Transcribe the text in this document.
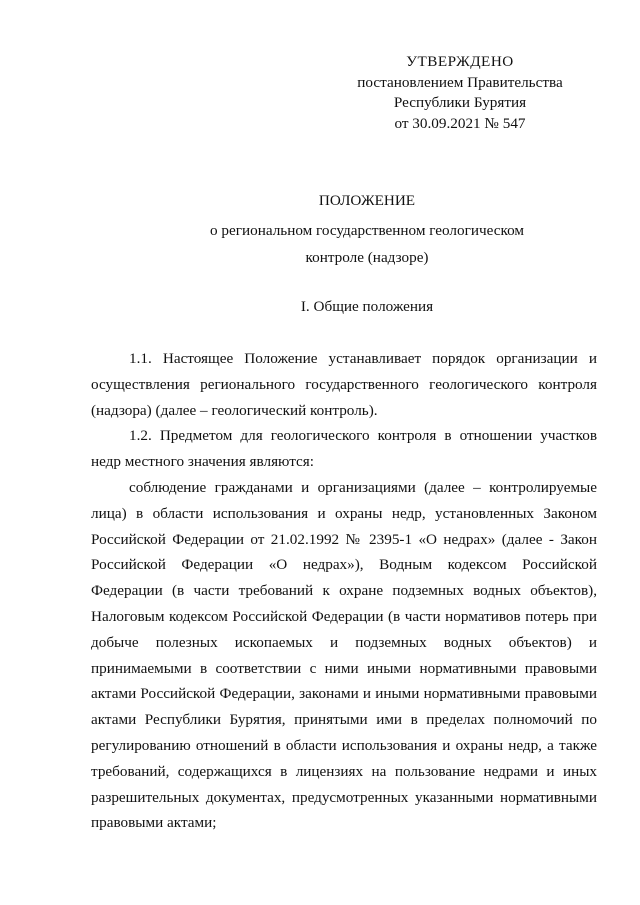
УТВЕРЖДЕНО
постановлением Правительства
Республики Бурятия
от 30.09.2021 № 547
ПОЛОЖЕНИЕ
о региональном государственном геологическом
контроле (надзоре)
I. Общие положения

1.1. Настоящее Положение устанавливает порядок организации и осуществления регионального государственного геологического контроля (надзора) (далее – геологический контроль).

1.2. Предметом для геологического контроля в отношении участков недр местного значения являются:

соблюдение гражданами и организациями (далее – контролируемые лица) в области использования и охраны недр, установленных Законом Российской Федерации от 21.02.1992 № 2395-1 «О недрах» (далее - Закон Российской Федерации «О недрах»), Водным кодексом Российской Федерации (в части требований к охране подземных водных объектов), Налоговым кодексом Российской Федерации (в части нормативов потерь при добыче полезных ископаемых и подземных водных объектов) и принимаемыми в соответствии с ними иными нормативными правовыми актами Российской Федерации, законами и иными нормативными правовыми актами Республики Бурятия, принятыми ими в пределах полномочий по регулированию отношений в области использования и охраны недр, а также требований, содержащихся в лицензиях на пользование недрами и иных разрешительных документах, предусмотренных указанными нормативными правовыми актами;
